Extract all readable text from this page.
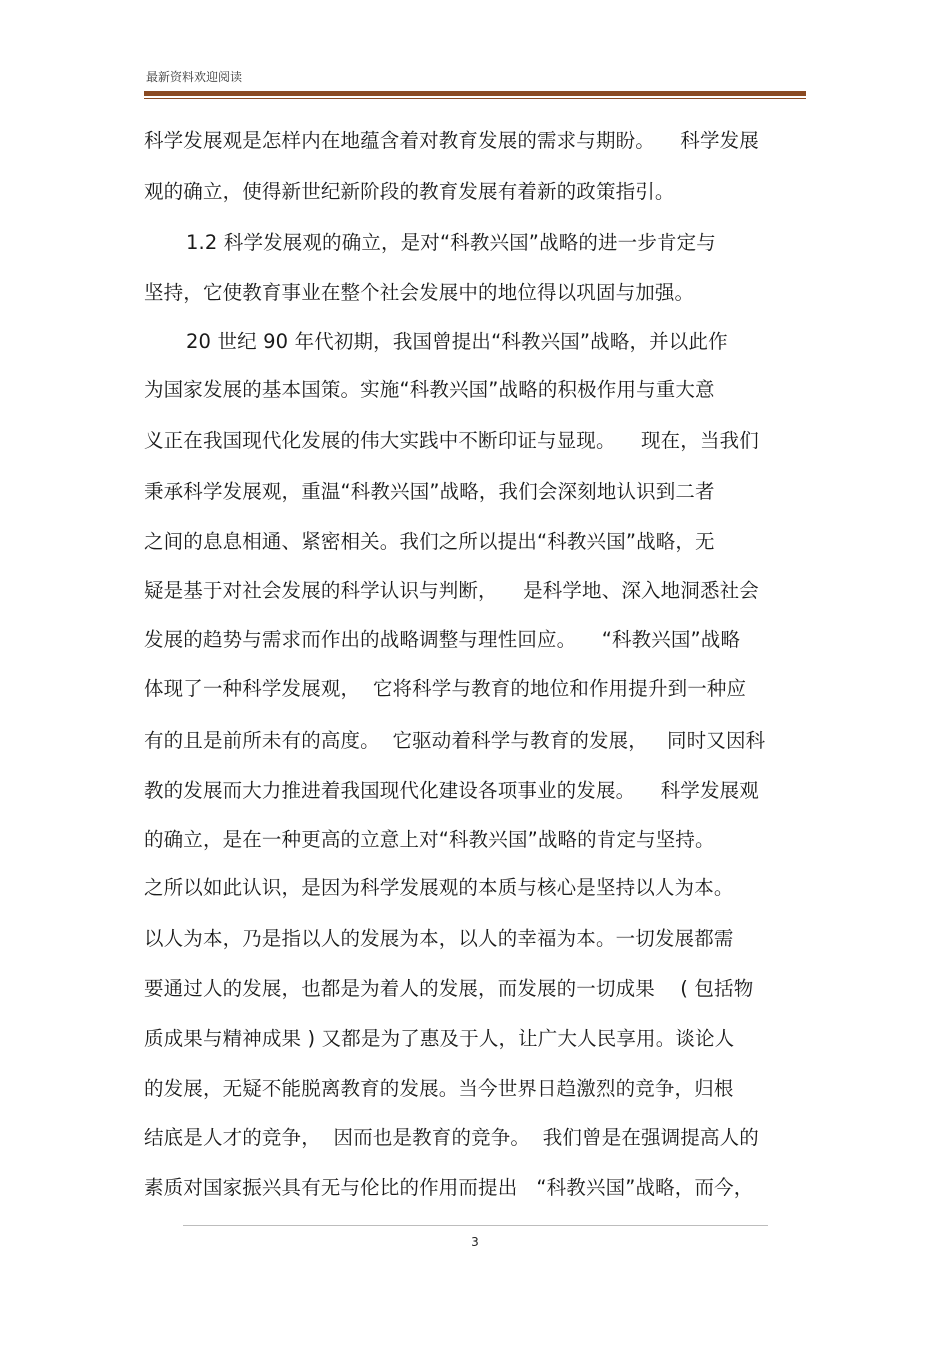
最新资料欢迎阅读
科学发展观是怎样内在地蕴含着对教育发展的需求与期盼。    科学发展
观的确立，使得新世纪新阶段的教育发展有着新的政策指引。
1.2 科学发展观的确立，是对“科教兴国”战略的进一步肯定与
坚持，它使教育事业在整个社会发展中的地位得以巩固与加强。
20 世纪 90 年代初期，我国曾提出“科教兴国”战略，并以此作
为国家发展的基本国策。实施“科教兴国”战略的积极作用与重大意
义正在我国现代化发展的伟大实践中不断印证与显现。    现在，当我们
秉承科学发展观，重温“科教兴国”战略，我们会深刻地认识到二者
之间的息息相通、紧密相关。我们之所以提出“科教兴国”战略，无
疑是基于对社会发展的科学认识与判断，    是科学地、深入地洞悉社会
发展的趋势与需求而作出的战略调整与理性回应。    “科教兴国”战略
体现了一种科学发展观，  它将科学与教育的地位和作用提升到一种应
有的且是前所未有的高度。  它驱动着科学与教育的发展，   同时又因科
教的发展而大力推进着我国现代化建设各项事业的发展。    科学发展观
的确立，是在一种更高的立意上对“科教兴国”战略的肯定与坚持。
之所以如此认识，是因为科学发展观的本质与核心是坚持以人为本。
以人为本，乃是指以人的发展为本，以人的幸福为本。一切发展都需
要通过人的发展，也都是为着人的发展，而发展的一切成果    ( 包括物
质成果与精神成果 ) 又都是为了惠及于人，让广大人民享用。谈论人
的发展，无疑不能脱离教育的发展。当今世界日趋激烈的竞争，归根
结底是人才的竞争，  因而也是教育的竞争。  我们曾是在强调提高人的
素质对国家振兴具有无与伦比的作用而提出   “科教兴国”战略，而今，
3
